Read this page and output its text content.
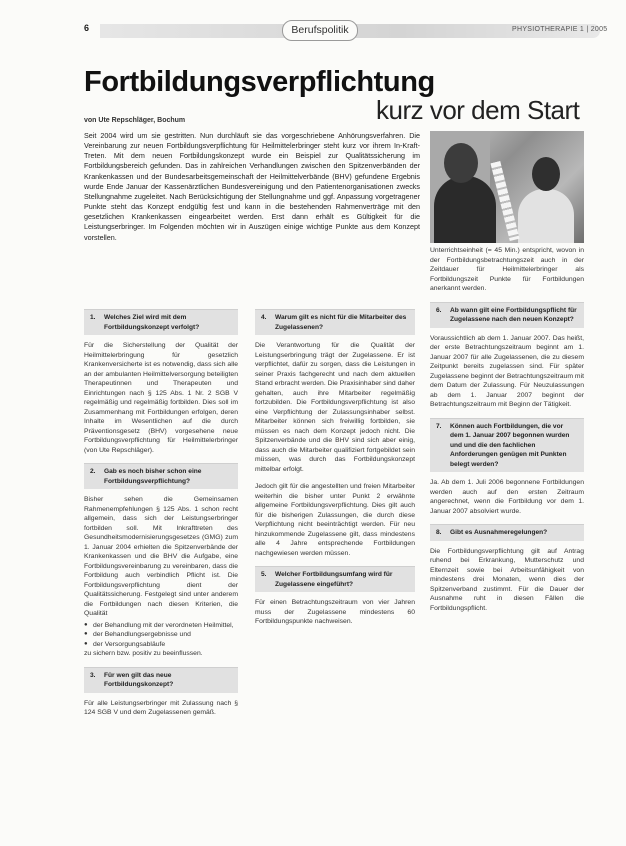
6	Berufspolitik	PHYSIOTHERAPIE 1 | 2005
Fortbildungsverpflichtung
kurz vor dem Start
von Ute Repschläger, Bochum
Seit 2004 wird um sie gestritten. Nun durchläuft sie das vorgeschriebene Anhörungsverfahren. Die Vereinbarung zur neuen Fortbildungsverpflichtung für Heilmittelerbringer steht kurz vor ihrem In-Kraft-Treten. Mit dem neuen Fortbildungskonzept wurde ein Beispiel zur Qualitätssicherung im Fortbildungsbereich gefunden. Das in zahlreichen Verhandlungen zwischen den Spitzenverbänden der Krankenkassen und der Bundesarbeitsgemeinschaft der Heilmittelverbände (BHV) gefundene Ergebnis wurde Ende Januar der Kassenärztlichen Bundesvereinigung und den Patientenorganisationen zwecks Stellungnahme zugeleitet. Nach Berücksichtigung der Stellungnahme und ggf. Anpassung vorgetragener Punkte steht das Konzept endgültig fest und kann in die bestehenden Rahmenverträge mit den gesetzlichen Krankenkassen eingearbeitet werden. Erst dann erhält es Gültigkeit für die Leistungserbringer. Im Folgenden möchten wir in Auszügen einige wichtige Punkte aus dem Konzept vorstellen.
1. Welches Ziel wird mit dem Fortbildungskonzept verfolgt?

Für die Sicherstellung der Qualität der Heilmittelerbringung für gesetzlich Krankenversicherte ist es notwendig, dass sich alle an der ambulanten Heilmittelversorgung beteiligten Therapeutinnen und Therapeuten und Einrichtungen nach § 125 Abs. 1 Nr. 2 SGB V regelmäßig und regelmäßig fortbilden. Dies soll im Zusammenhang mit Fortbildungen erfolgen, deren Inhalte im Wesentlichen auf die durch Präventionsgesetz (BHV) vorgesehene neue Fortbildungsverpflichtung für Heilmittelerbringer (von Ute Repschläger).

2. Gab es noch bisher schon eine Fortbildungsverpflichtung?

Bisher sehen die Gemeinsamen Rahmenempfehlungen § 125 Abs. 1 schon recht allgemein, dass sich der Leistungserbringer fortbilden soll. Mit Inkrafttreten des Gesundheitsmodernisierungsgesetzes (GMG) zum 1. Januar 2004 erhielten die Spitzenverbände der Krankenkassen und die BHV die Aufgabe, eine Fortbildungsvereinbarung zu vereinbaren, dass die Fortbildung auch verbindlich Pflicht ist. Die Fortbildungsverpflichtung dient der Qualitätssicherung. Festgelegt sind unter anderem die Fortbildungen nach diesen Kriterien, die Qualität

● der Behandlung mit der verordneten Heilmittel,
● der Behandlungsergebnisse und
● der Versorgungsabläufe

zu sichern bzw. positiv zu beeinflussen.

3. Für wen gilt das neue Fortbildungskonzept?

Für alle Leistungserbringer mit Zulassung nach § 124 SGB V und dem Zugelassenen gemäß.

4. Warum gilt es nicht für die Mitarbeiter des Zugelassenen?

Die Verantwortung für die Qualität der Leistungserbringung trägt der Zugelassene. Er ist verpflichtet, dafür zu sorgen, dass die Leistungen in seiner Praxis fachgerecht und nach dem aktuellen Stand erbracht werden. Die Praxisinhaber sind daher gehalten, auch ihre Mitarbeiter regelmäßig fortzubilden. Die Fortbildungsverpflichtung ist also eine Verpflichtung der Zulassungsinhaber selbst. Mitarbeiter können sich freiwillig fortbilden, sie müssen es nach dem Konzept jedoch nicht. Die Spitzenverbände und die BHV sind sich aber einig, dass auch die Mitarbeiter qualifiziert fortgebildet sein müssen, was durch das Fortbildungskonzept mittelbar erfolgt.

Jedoch gilt für die angestellten und freien Mitarbeiter weiterhin die bisher unter Punkt 2 erwähnte allgemeine Fortbildungsverpflichtung. Dies gilt auch für die bisherigen Zulassungen, die durch diese Verpflichtung nicht beeinträchtigt werden. Für neu hinzukommende Zugelassene gilt, dass mindestens alle 4 Jahre entsprechende Fortbildungen nachgewiesen werden müssen.

5. Welcher Fortbildungsumfang wird für Zugelassene eingeführt?

Für einen Betrachtungszeitraum von vier Jahren muss der Zugelassene mindestens 60 Fortbildungspunkte nachweisen.

Unterrichtseinheit (= 45 Min.) entspricht, wovon in der Fortbildungsbetrachtungszeit auch in der Zeitdauer für Heilmittelerbringer als Fortbildungszeit Punkte für Fortbildungen anerkannt werden.

6. Ab wann gilt eine Fortbildungspflicht für Zugelassene nach den neuen Konzept?

Voraussichtlich ab dem 1. Januar 2007. Das heißt, der erste Betrachtungszeitraum beginnt am 1. Januar 2007 für alle Zugelassenen, die zu diesem Zeitpunkt bereits zugelassen sind. Für später Zugelassene beginnt der Betrachtungszeitraum mit dem Datum der Zulassung. Für Neuzulassungen ab dem 1. Januar 2007 beginnt der Betrachtungszeitraum mit Beginn der Tätigkeit.

7. Können auch Fortbildungen, die vor dem 1. Januar 2007 begonnen wurden und und die den fachlichen Anforderungen genügen mit Punkten belegt werden?

Ja. Ab dem 1. Juli 2006 begonnene Fortbildungen werden auch auf den ersten Zeitraum angerechnet, wenn die Fortbildung vor dem 1. Januar 2007 absolviert wurde.

8. Gibt es Ausnahmeregelungen?

Die Fortbildungsverpflichtung gilt auf Antrag ruhend bei Erkrankung, Mutterschutz und Elternzeit sowie bei Arbeitsunfähigkeit von mindestens drei Monaten, wenn dies der Spitzenverband zustimmt. Für die Dauer der Ausnahme ruht in diesen Fällen die Fortbildungspflicht.
